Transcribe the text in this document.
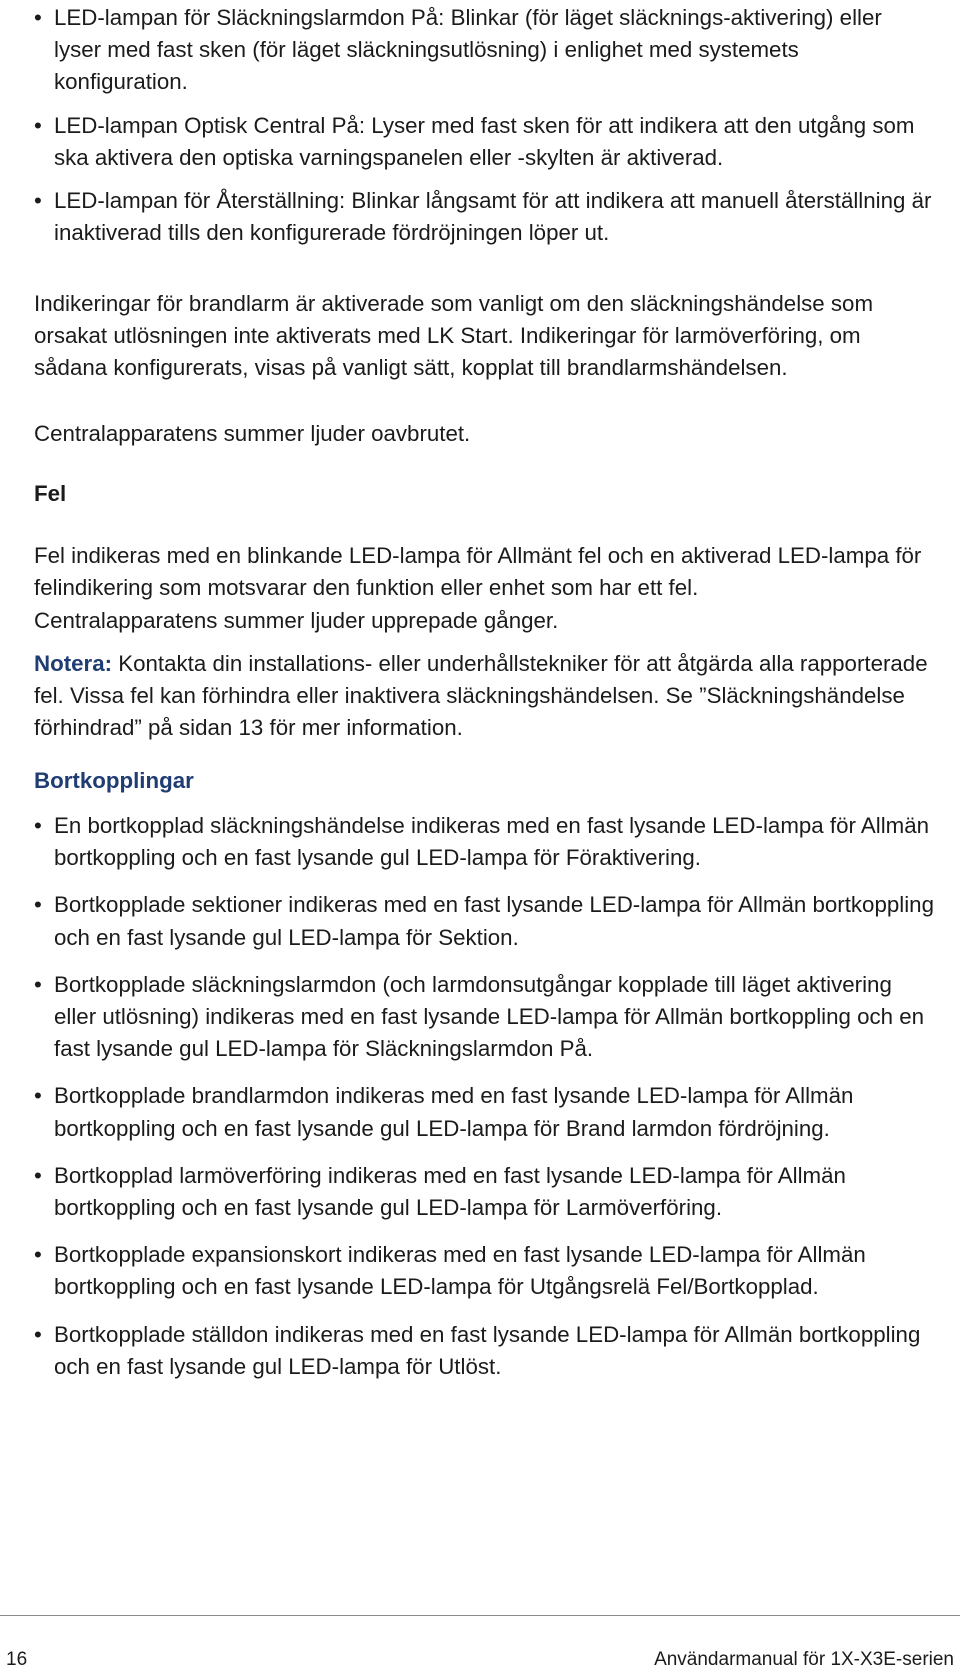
• LED-lampan för Släckningslarmdon På: Blinkar (för läget släcknings-aktivering) eller lyser med fast sken (för läget släckningsutlösning) i enlighet med systemets konfiguration.
• LED-lampan Optisk Central På: Lyser med fast sken för att indikera att den utgång som ska aktivera den optiska varningspanelen eller -skylten är aktiverad.
• LED-lampan för Återställning: Blinkar långsamt för att indikera att manuell återställning är inaktiverad tills den konfigurerade fördröjningen löper ut.

Indikeringar för brandlarm är aktiverade som vanligt om den släckningshändelse som orsakat utlösningen inte aktiverats med LK Start. Indikeringar för larmöverföring, om sådana konfigurerats, visas på vanligt sätt, kopplat till brandlarmshändelsen.

Centralapparatens summer ljuder oavbrutet.

Fel

Fel indikeras med en blinkande LED-lampa för Allmänt fel och en aktiverad LED-lampa för felindikering som motsvarar den funktion eller enhet som har ett fel.

Centralapparatens summer ljuder upprepade gånger.

Notera: Kontakta din installations- eller underhållstekniker för att åtgärda alla rapporterade fel. Vissa fel kan förhindra eller inaktivera släckningshändelsen. Se ”Släckningshändelse förhindrad” på sidan 13 för mer information.

Bortkopplingar
• En bortkopplad släckningshändelse indikeras med en fast lysande LED-lampa för Allmän bortkoppling och en fast lysande gul LED-lampa för Föraktivering.
• Bortkopplade sektioner indikeras med en fast lysande LED-lampa för Allmän bortkoppling och en fast lysande gul LED-lampa för Sektion.
• Bortkopplade släckningslarmdon (och larmdonsutgångar kopplade till läget aktivering eller utlösning) indikeras med en fast lysande LED-lampa för Allmän bortkoppling och en fast lysande gul LED-lampa för Släckningslarmdon På.
• Bortkopplade brandlarmdon indikeras med en fast lysande LED-lampa för Allmän bortkoppling och en fast lysande gul LED-lampa för Brand larmdon fördröjning.
• Bortkopplad larmöverföring indikeras med en fast lysande LED-lampa för Allmän bortkoppling och en fast lysande gul LED-lampa för Larmöverföring.
• Bortkopplade expansionskort indikeras med en fast lysande LED-lampa för Allmän bortkoppling och en fast lysande LED-lampa för Utgångsrelä Fel/Bortkopplad.
• Bortkopplade ställdon indikeras med en fast lysande LED-lampa för Allmän bortkoppling och en fast lysande gul LED-lampa för Utlöst.
16	Användarmanual för 1X-X3E-serien
